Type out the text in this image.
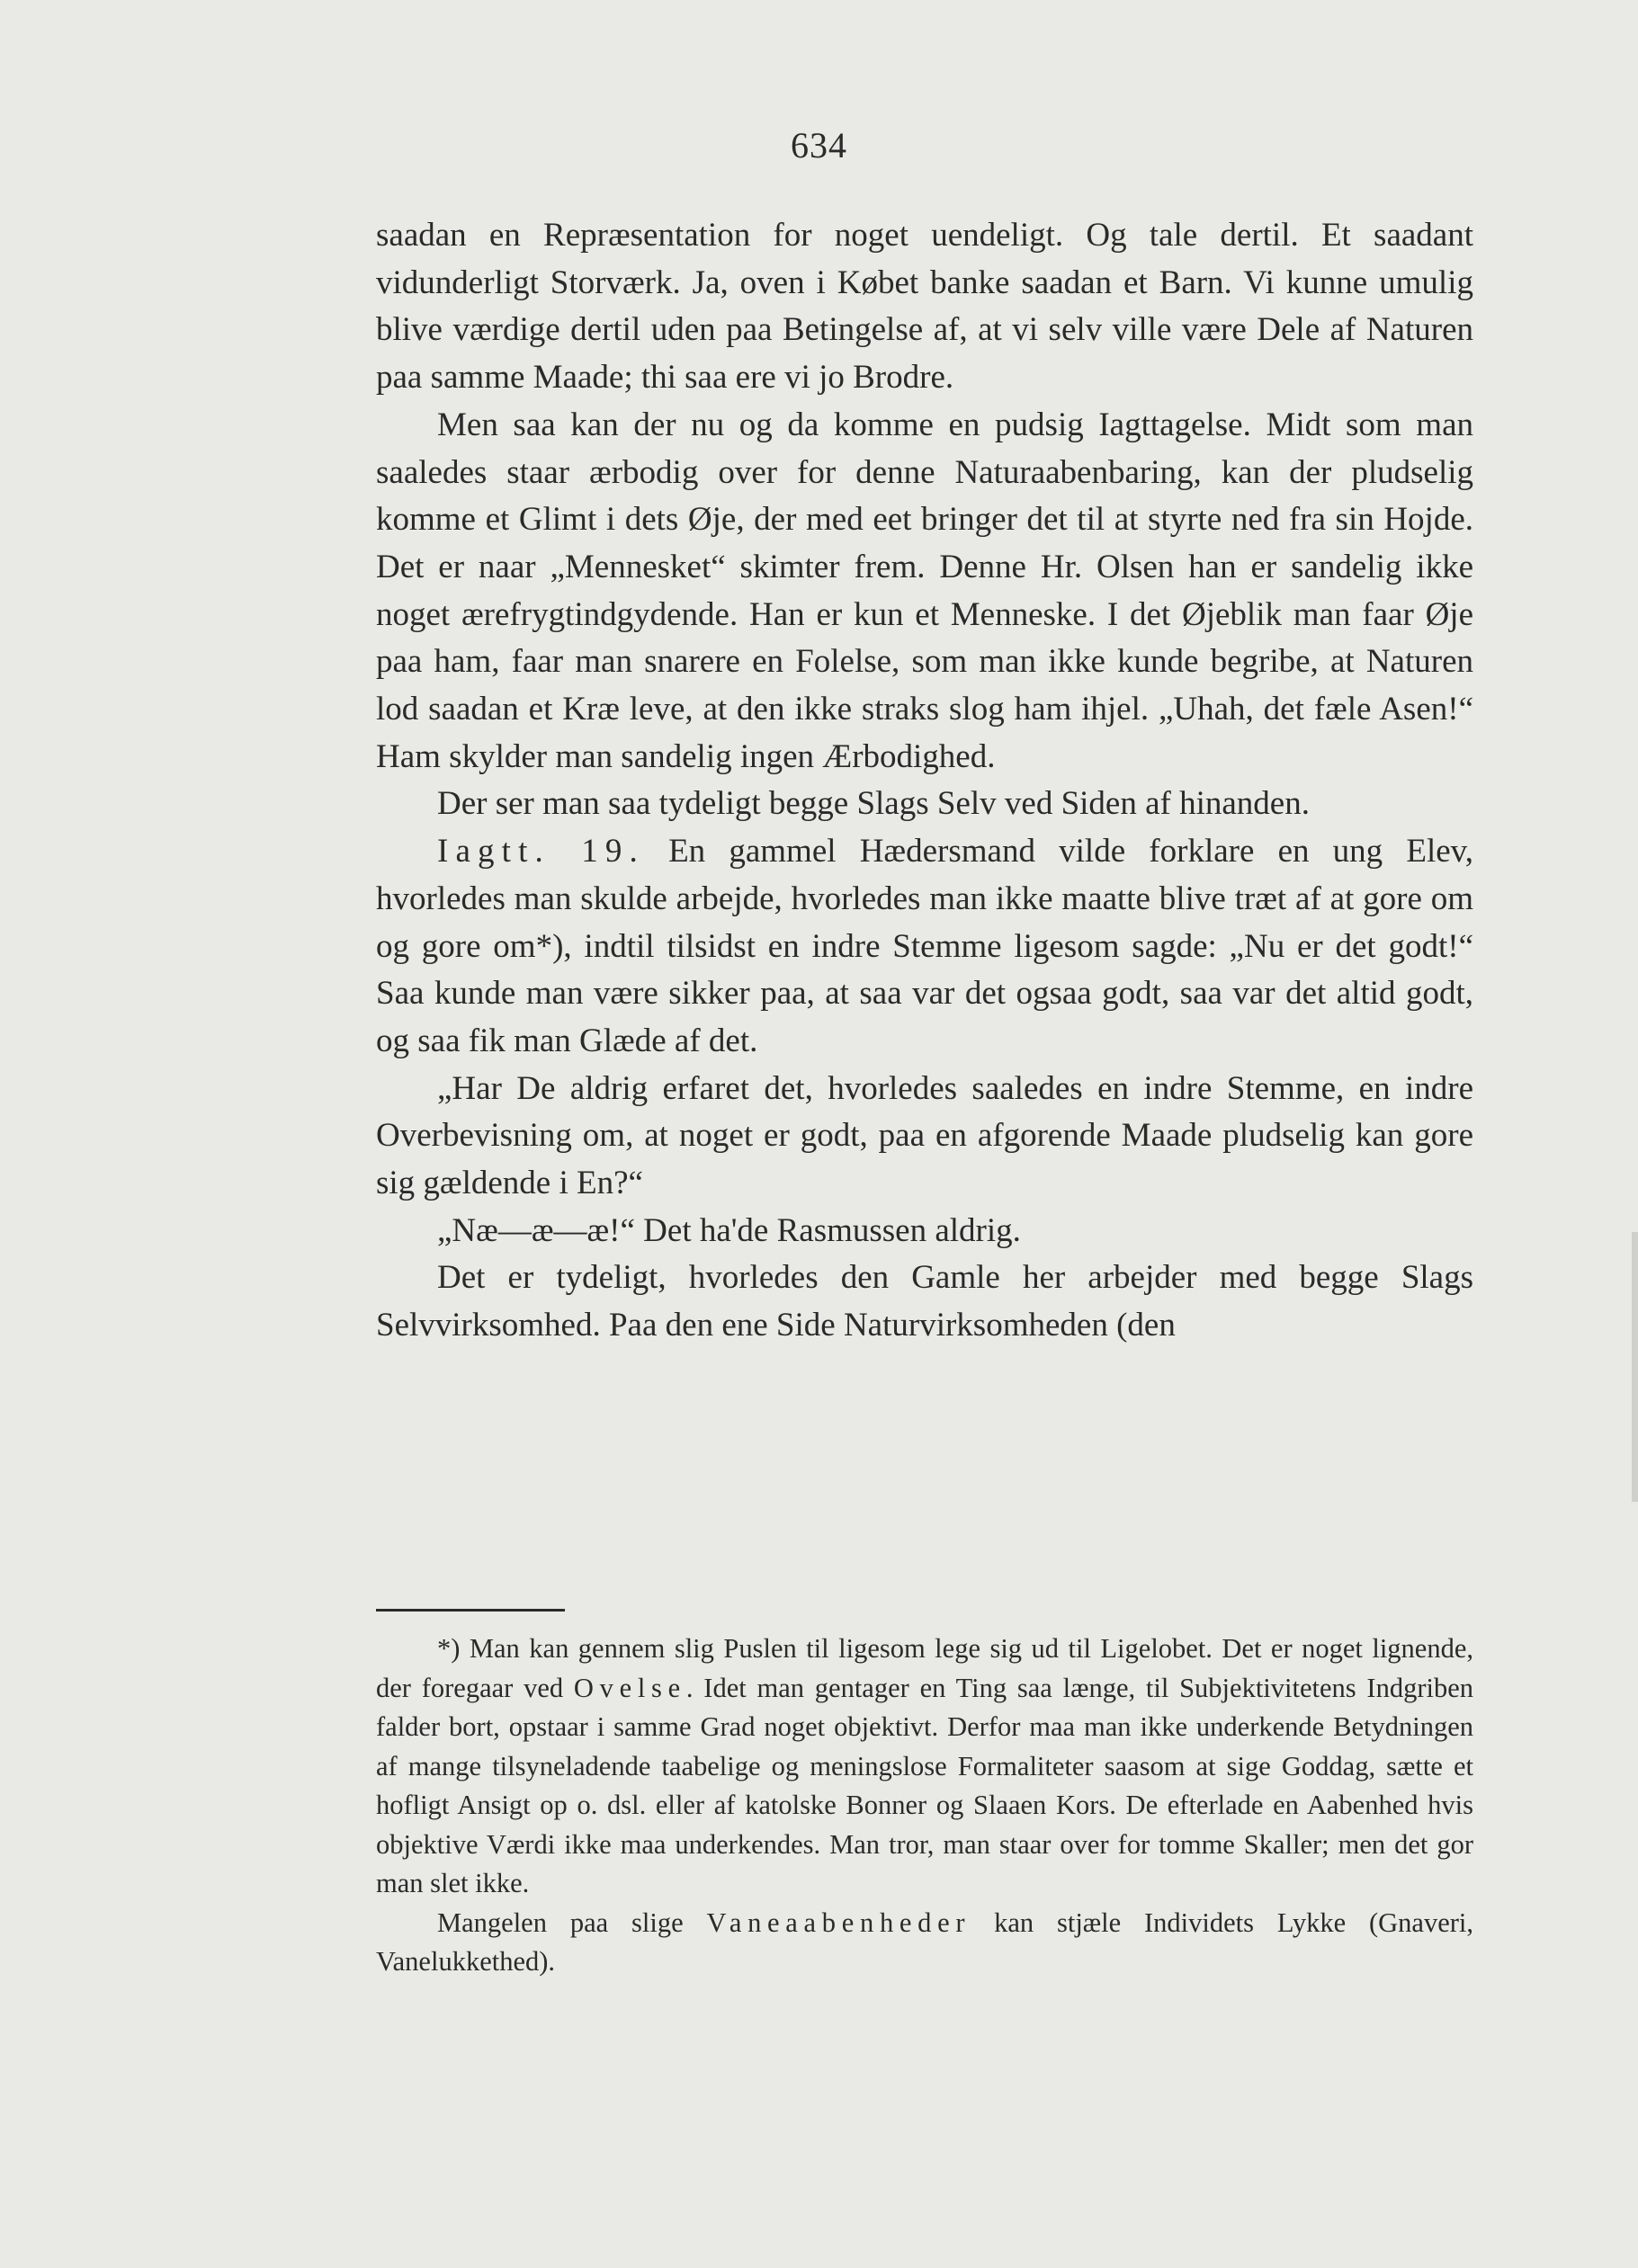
634

saadan en Repræsentation for noget uendeligt. Og tale dertil. Et saadant vidunderligt Storværk. Ja, oven i Købet banke saadan et Barn. Vi kunne umulig blive værdige dertil uden paa Betingelse af, at vi selv ville være Dele af Naturen paa samme Maade; thi saa ere vi jo Brodre.

Men saa kan der nu og da komme en pudsig Iagttagelse. Midt som man saaledes staar ærbodig over for denne Naturaabenbaring, kan der pludselig komme et Glimt i dets Øje, der med eet bringer det til at styrte ned fra sin Hojde. Det er naar „Mennesket“ skimter frem. Denne Hr. Olsen han er sandelig ikke noget ærefrygtindgydende. Han er kun et Menneske. I det Øjeblik man faar Øje paa ham, faar man snarere en Folelse, som man ikke kunde begribe, at Naturen lod saadan et Kræ leve, at den ikke straks slog ham ihjel. „Uhah, det fæle Asen!“ Ham skylder man sandelig ingen Ærbodighed.

Der ser man saa tydeligt begge Slags Selv ved Siden af hinanden.

Iagtt. 19. En gammel Hædersmand vilde forklare en ung Elev, hvorledes man skulde arbejde, hvorledes man ikke maatte blive træt af at gore om og gore om*), indtil tilsidst en indre Stemme ligesom sagde: „Nu er det godt!“ Saa kunde man være sikker paa, at saa var det ogsaa godt, saa var det altid godt, og saa fik man Glæde af det.

„Har De aldrig erfaret det, hvorledes saaledes en indre Stemme, en indre Overbevisning om, at noget er godt, paa en afgorende Maade pludselig kan gore sig gældende i En?“

„Næ—æ—æ!“ Det ha'de Rasmussen aldrig.

Det er tydeligt, hvorledes den Gamle her arbejder med begge Slags Selvvirksomhed. Paa den ene Side Naturvirksomheden (den

*) Man kan gennem slig Puslen til ligesom lege sig ud til Ligelobet. Det er noget lignende, der foregaar ved Ovelse. Idet man gentager en Ting saa længe, til Subjektivitetens Indgriben falder bort, opstaar i samme Grad noget objektivt. Derfor maa man ikke underkende Betydningen af mange tilsyneladende taabelige og meningslose Formaliteter saasom at sige Goddag, sætte et hofligt Ansigt op o. dsl. eller af katolske Bonner og Slaaen Kors. De efterlade en Aabenhed hvis objektive Værdi ikke maa underkendes. Man tror, man staar over for tomme Skaller; men det gor man slet ikke.

Mangelen paa slige Vaneaabenheder kan stjæle Individets Lykke (Gnaveri, Vanelukkethed).
